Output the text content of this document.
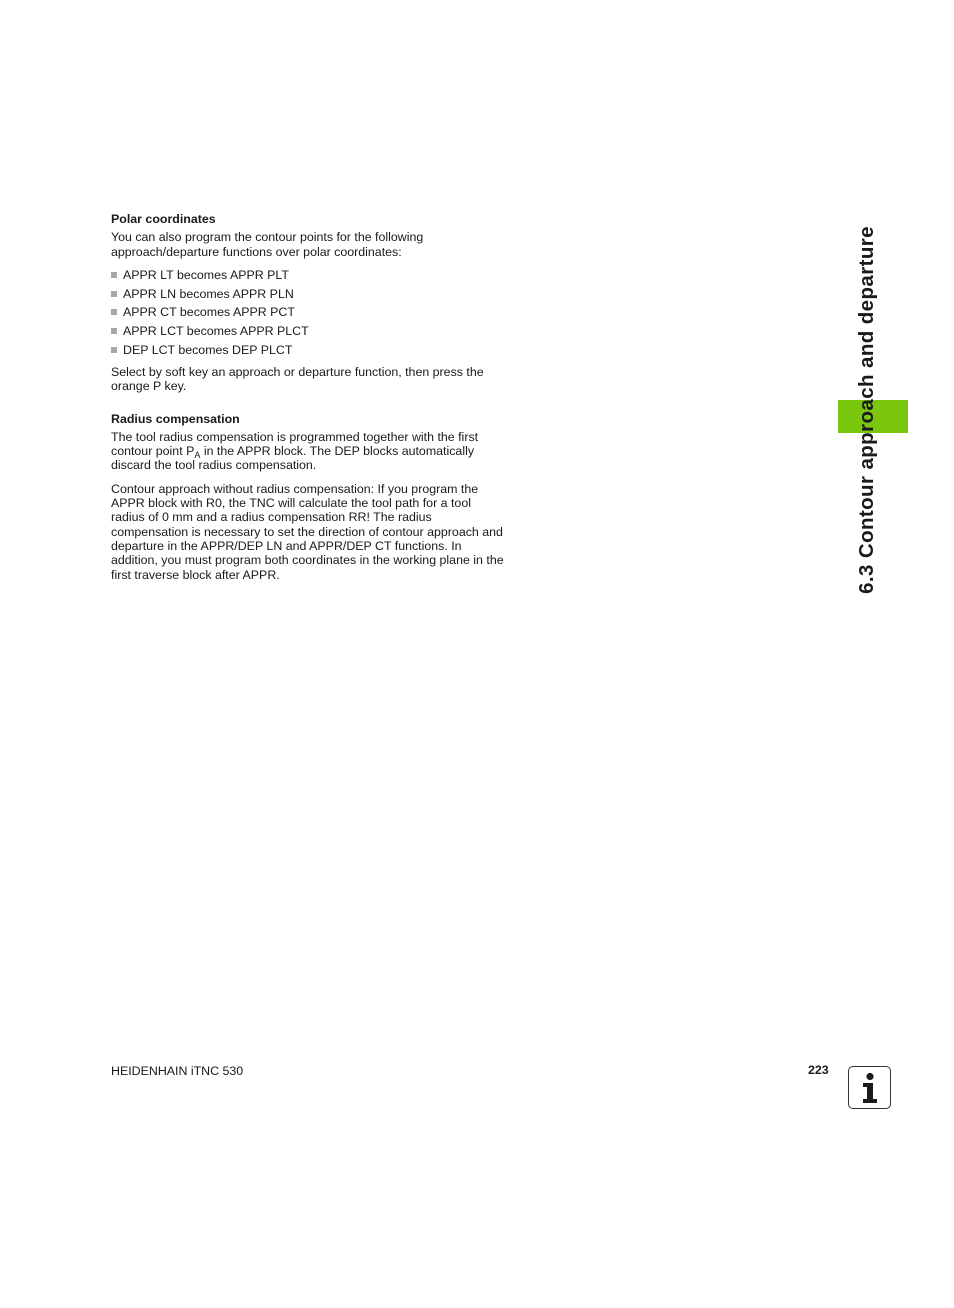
Polar coordinates
You can also program the contour points for the following approach/departure functions over polar coordinates:
APPR LT becomes APPR PLT
APPR LN becomes APPR PLN
APPR CT becomes APPR PCT
APPR LCT becomes APPR PLCT
DEP LCT becomes DEP PLCT
Select by soft key an approach or departure function, then press the orange P key.
Radius compensation
The tool radius compensation is programmed together with the first contour point $P_A$ in the APPR block. The DEP blocks automatically discard the tool radius compensation.
Contour approach without radius compensation: If you program the APPR block with R0, the TNC will calculate the tool path for a tool radius of 0 mm and a radius compensation RR! The radius compensation is necessary to set the direction of contour approach and departure in the APPR/DEP LN and APPR/DEP CT functions. In addition, you must program both coordinates in the working plane in the first traverse block after APPR.	6.3 Contour approach and departure
HEIDENHAIN iTNC 530	223
